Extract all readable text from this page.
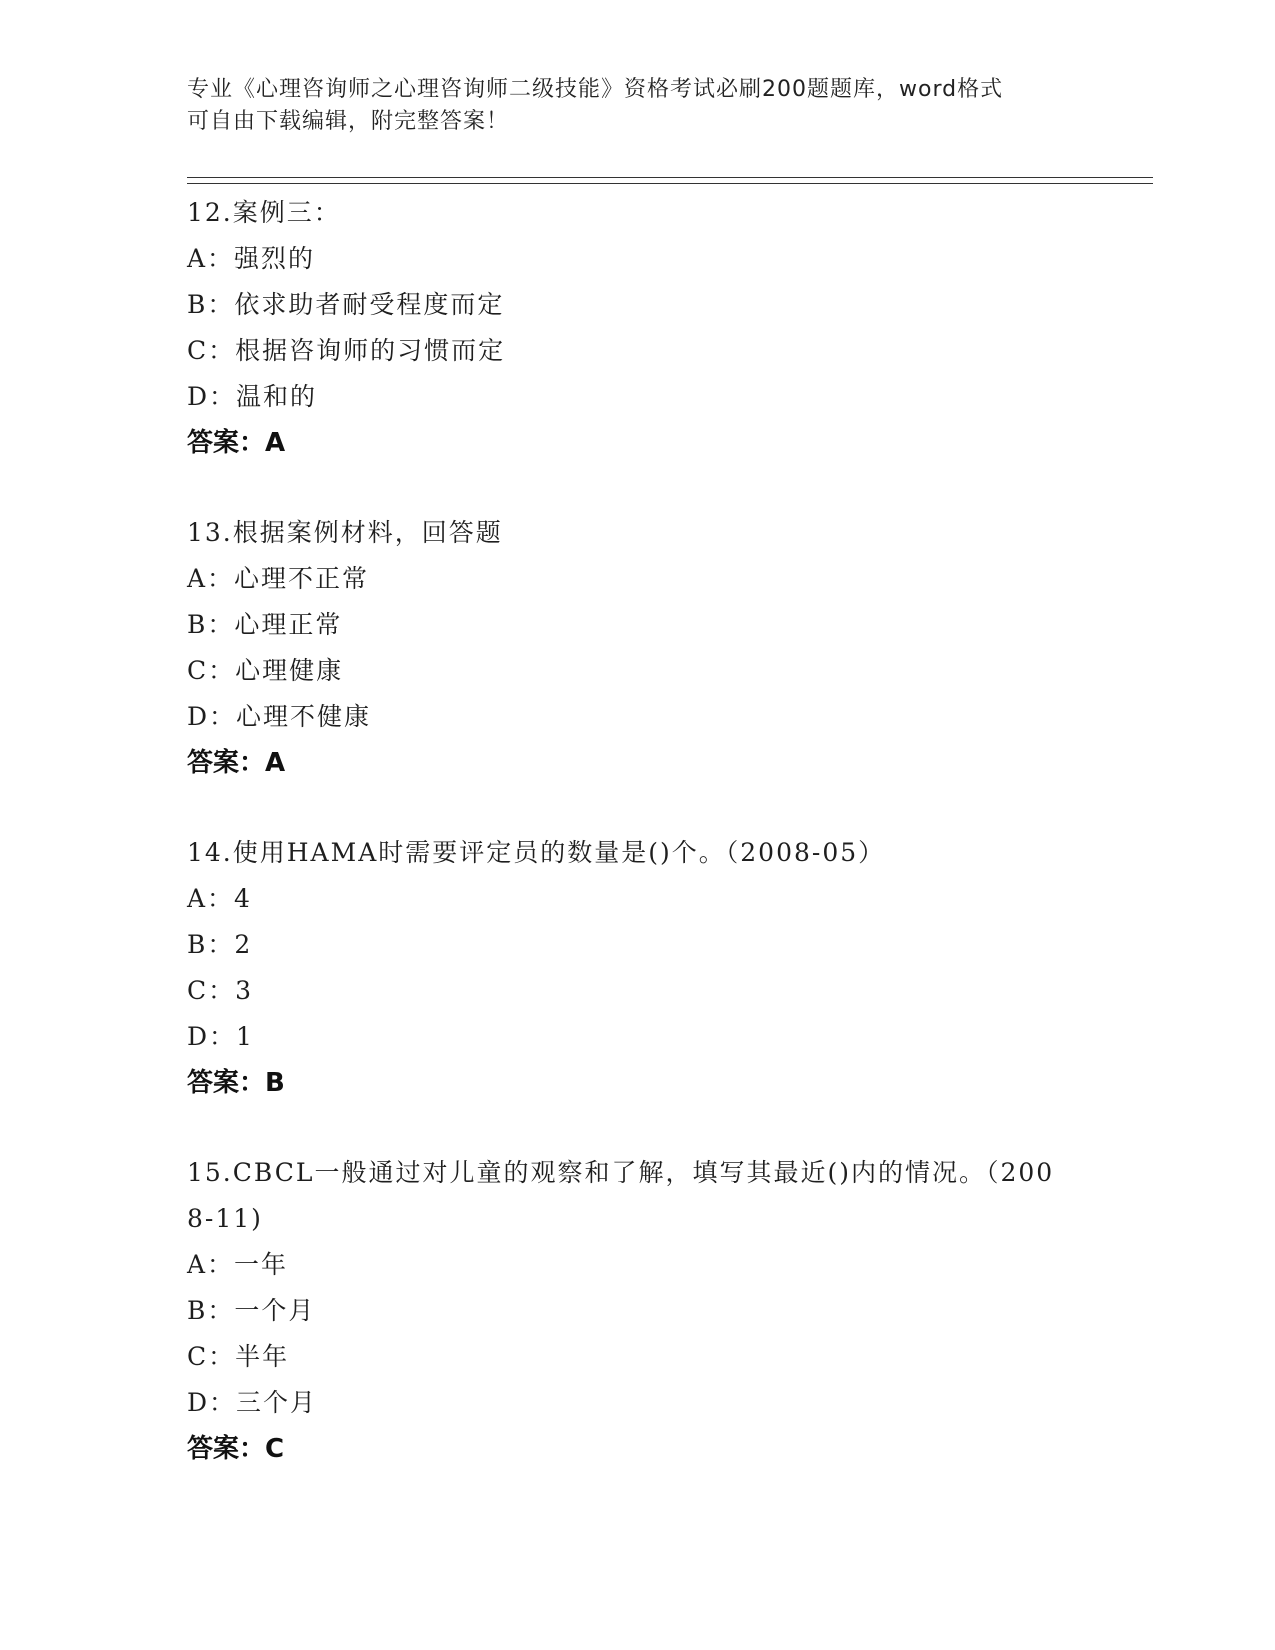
专业《心理咨询师之心理咨询师二级技能》资格考试必刷200题题库，word格式
可自由下载编辑，附完整答案！
12.案例三：
A：强烈的
B：依求助者耐受程度而定
C：根据咨询师的习惯而定
D：温和的
答案：A
13.根据案例材料，回答题
A：心理不正常
B：心理正常
C：心理健康
D：心理不健康
答案：A
14.使用HAMA时需要评定员的数量是()个。（2008-05）
A：4
B：2
C：3
D：1
答案：B
15.CBCL一般通过对儿童的观察和了解，填写其最近()内的情况。（2008-11)
A：一年
B：一个月
C：半年
D：三个月
答案：C
